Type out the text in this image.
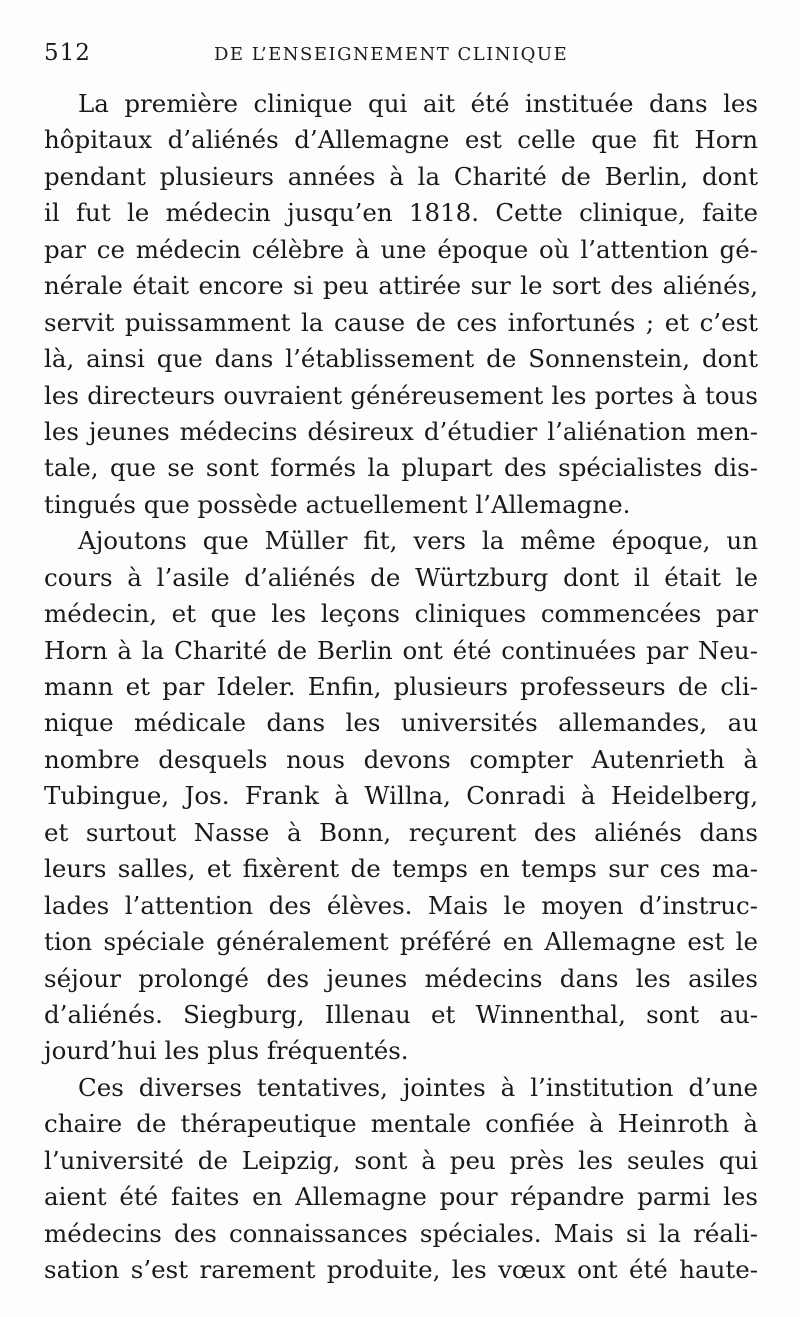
512	DE L’ENSEIGNEMENT CLINIQUE
La première clinique qui ait été instituée dans les
hôpitaux d’aliénés d’Allemagne est celle que fit Horn
pendant plusieurs années à la Charité de Berlin, dont
il fut le médecin jusqu’en 1818. Cette clinique, faite
par ce médecin célèbre à une époque où l’attention gé-
nérale était encore si peu attirée sur le sort des aliénés,
servit puissamment la cause de ces infortunés ; et c’est
là, ainsi que dans l’établissement de Sonnenstein, dont
les directeurs ouvraient généreusement les portes à tous
les jeunes médecins désireux d’étudier l’aliénation men-
tale, que se sont formés la plupart des spécialistes dis-
tingués que possède actuellement l’Allemagne.
Ajoutons que Müller fit, vers la même époque, un
cours à l’asile d’aliénés de Würtzburg dont il était le
médecin, et que les leçons cliniques commencées par
Horn à la Charité de Berlin ont été continuées par Neu-
mann et par Ideler. Enfin, plusieurs professeurs de cli-
nique médicale dans les universités allemandes, au
nombre desquels nous devons compter Autenrieth à
Tubingue, Jos. Frank à Willna, Conradi à Heidelberg,
et surtout Nasse à Bonn, reçurent des aliénés dans
leurs salles, et fixèrent de temps en temps sur ces ma-
lades l’attention des élèves. Mais le moyen d’instruc-
tion spéciale généralement préféré en Allemagne est le
séjour prolongé des jeunes médecins dans les asiles
d’aliénés. Siegburg, Illenau et Winnenthal, sont au-
jourd’hui les plus fréquentés.
Ces diverses tentatives, jointes à l’institution d’une
chaire de thérapeutique mentale confiée à Heinroth à
l’université de Leipzig, sont à peu près les seules qui
aient été faites en Allemagne pour répandre parmi les
médecins des connaissances spéciales. Mais si la réali-
sation s’est rarement produite, les vœux ont été haute-
